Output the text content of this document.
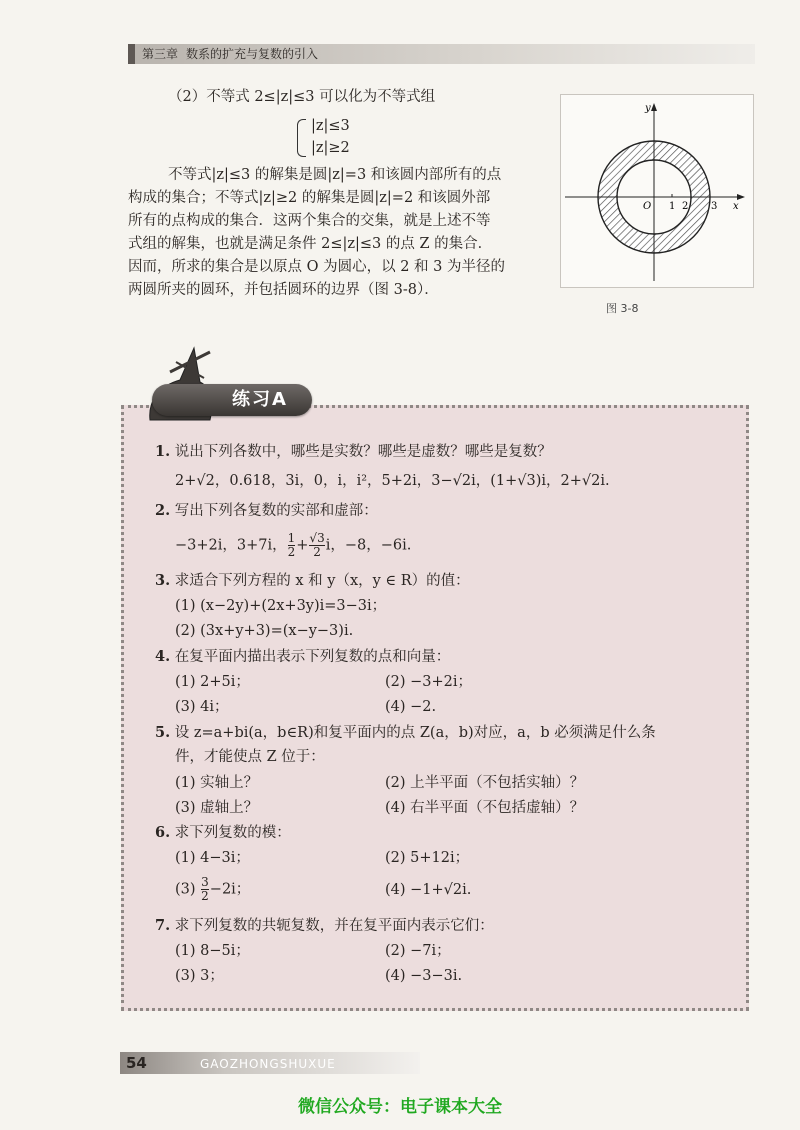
第三章 数系的扩充与复数的引入
（2）不等式 2≤|z|≤3 可以化为不等式组
|z|≤3
|z|≥2
不等式|z|≤3 的解集是圆|z|=3 和该圆内部所有的点
构成的集合；不等式|z|≥2 的解集是圆|z|=2 和该圆外部
所有的点构成的集合．这两个集合的交集，就是上述不等
式组的解集，也就是满足条件 2≤|z|≤3 的点 Z 的集合．
因而，所求的集合是以原点 O 为圆心，以 2 和 3 为半径的
两圆所夹的圆环，并包括圆环的边界（图 3-8）．
x
y
O 1 2 3
图 3-8
练习A
1. 说出下列各数中，哪些是实数？哪些是虚数？哪些是复数？
2+√2，0.618，3i，0，i，i²，5+2i，3−√2i，(1+√3)i，2+√2i.
2. 写出下列各复数的实部和虚部：
−3+2i，3+7i， $\frac{1}{2} + \frac{√3}{2}$ i，−8，−6i.
3. 求适合下列方程的 x 和 y（x，y ∈ R）的值：
(1) (x−2y)+(2x+3y)i=3−3i；
(2) (3x+y+3)=(x−y−3)i.
4. 在复平面内描出表示下列复数的点和向量：
(1) 2+5i；	(2) −3+2i；
(3) 4i；	(4) −2.
5. 设 z=a+bi(a，b∈R)和复平面内的点 Z(a，b)对应，a，b 必须满足什么条
件，才能使点 Z 位于：
(1) 实轴上？	(2) 上半平面（不包括实轴）？
(3) 虚轴上？	(4) 右半平面（不包括虚轴）？
6. 求下列复数的模：
(1) 4−3i；	(2) 5+12i；
$(3) \frac{3}{2} -2i$；	(4) −1+√2i.
7. 求下列复数的共轭复数，并在复平面内表示它们：
(1) 8−5i；	(2) −7i；
(3) 3；	(4) −3−3i.
54	GAOZHONGSHUXUE
微信公众号：电子课本大全
